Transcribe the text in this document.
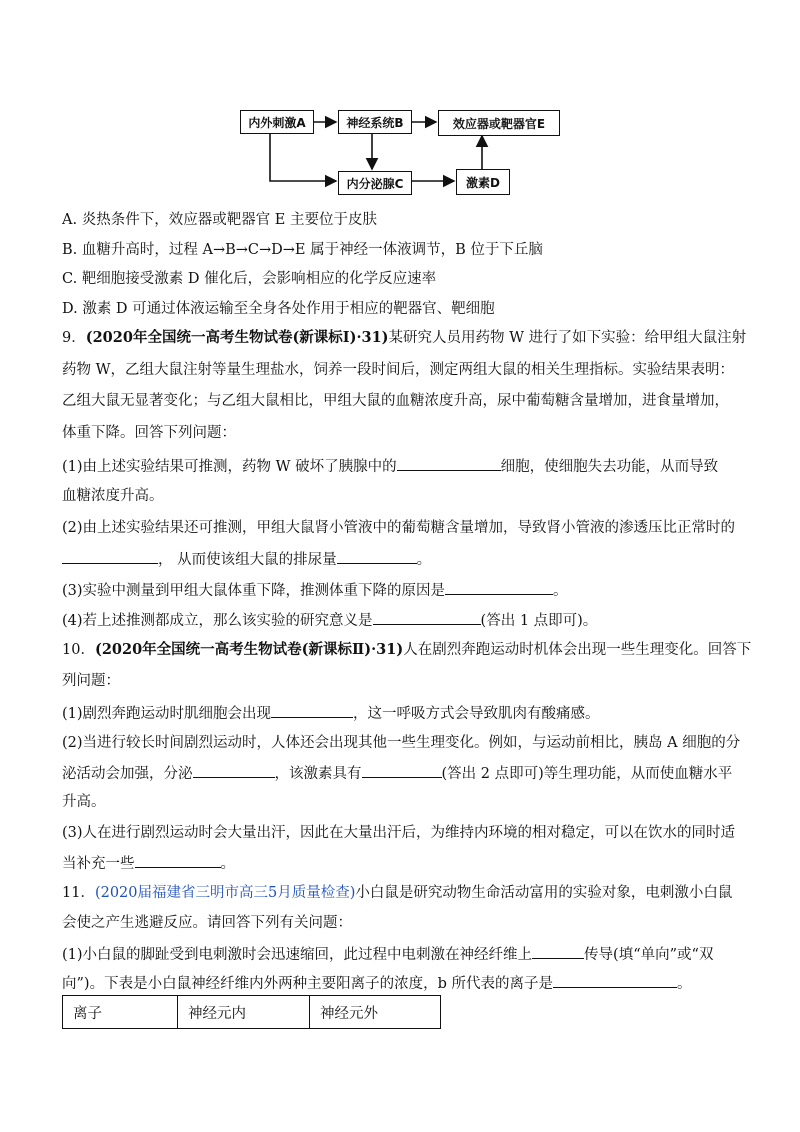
内外刺激A	神经系统B	效应器或靶器官E
内分泌腺C	激素D
A. 炎热条件下，效应器或靶器官 E 主要位于皮肤
B. 血糖升高时，过程 A→B→C→D→E 属于神经一体液调节，B 位于下丘脑
C. 靶细胞接受激素 D 催化后，会影响相应的化学反应速率
D. 激素 D 可通过体液运输至全身各处作用于相应的靶器官、靶细胞
9．(2020年全国统一高考生物试卷(新课标Ⅰ)·31)某研究人员用药物 W 进行了如下实验：给甲组大鼠注射
药物 W，乙组大鼠注射等量生理盐水，饲养一段时间后，测定两组大鼠的相关生理指标。实验结果表明：
乙组大鼠无显著变化；与乙组大鼠相比，甲组大鼠的血糖浓度升高，尿中葡萄糖含量增加，进食量增加，
体重下降。回答下列问题：
(1)由上述实验结果可推测，药物 W 破坏了胰腺中的	细胞，使细胞失去功能，从而导致
血糖浓度升高。
(2)由上述实验结果还可推测，甲组大鼠肾小管液中的葡萄糖含量增加，导致肾小管液的渗透压比正常时的
， 从而使该组大鼠的排尿量	。
(3)实验中测量到甲组大鼠体重下降，推测体重下降的原因是	。
(4)若上述推测都成立，那么该实验的研究意义是	(答出 1 点即可)。
10．(2020年全国统一高考生物试卷(新课标Ⅱ)·31)人在剧烈奔跑运动时机体会出现一些生理变化。回答下
列问题：
(1)剧烈奔跑运动时肌细胞会出现	，这一呼吸方式会导致肌肉有酸痛感。
(2)当进行较长时间剧烈运动时，人体还会出现其他一些生理变化。例如，与运动前相比，胰岛 A 细胞的分
泌活动会加强，分泌	，该激素具有	(答出 2 点即可)等生理功能，从而使血糖水平
升高。
(3)人在进行剧烈运动时会大量出汗，因此在大量出汗后，为维持内环境的相对稳定，可以在饮水的同时适
当补充一些	。
11．(2020届福建省三明市高三5月质量检查)小白鼠是研究动物生命活动富用的实验对象，电刺激小白鼠
会使之产生逃避反应。请回答下列有关问题：
(1)小白鼠的脚趾受到电刺激时会迅速缩回，此过程中电刺激在神经纤维上	传导(填“单向”或“双
向”)。下表是小白鼠神经纤维内外两种主要阳离子的浓度，b 所代表的离子是	。
离子	神经元内	神经元外
